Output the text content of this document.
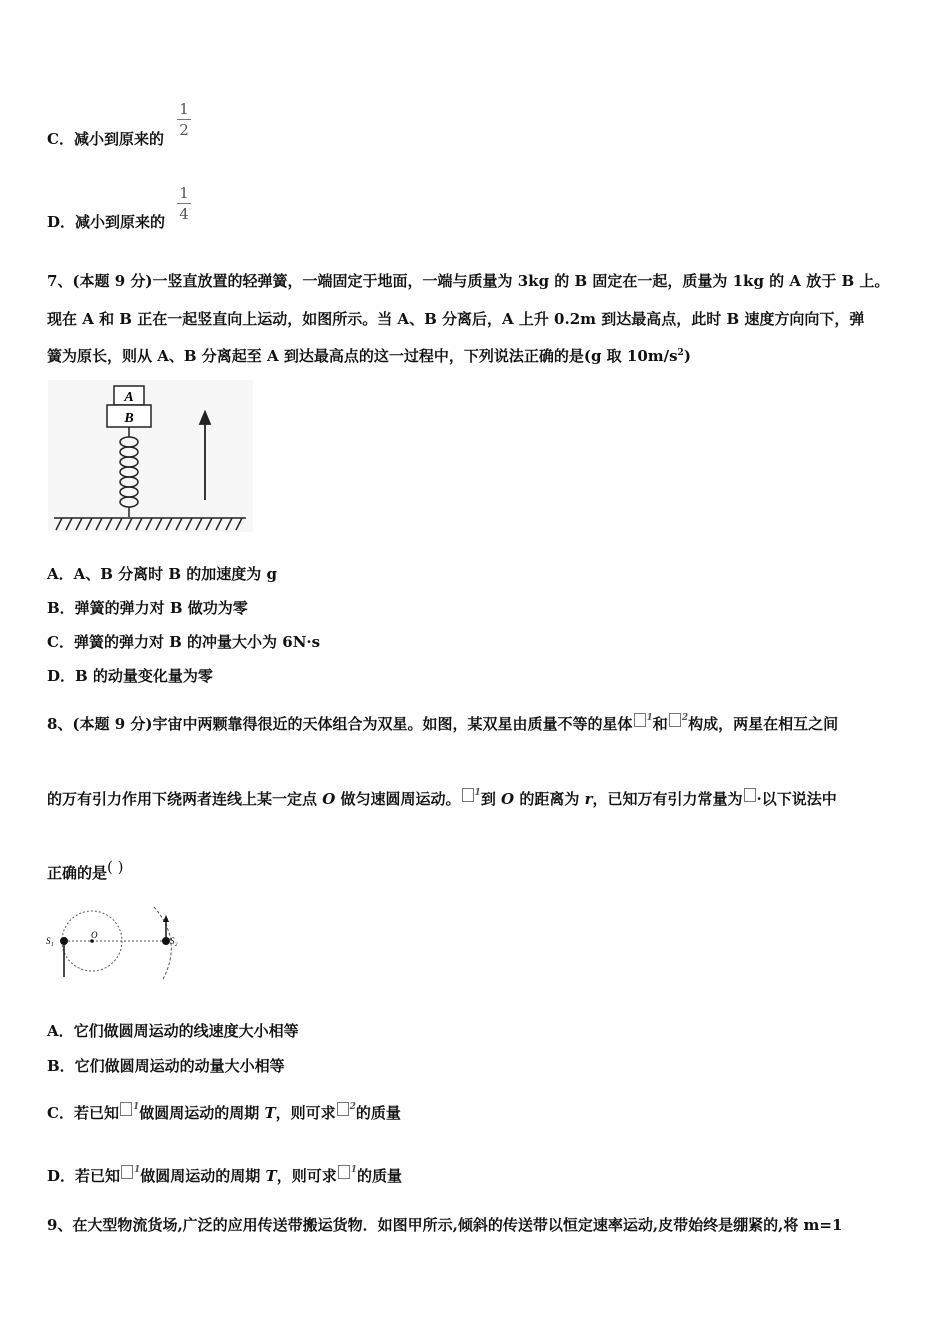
C．减小到原来的
1
2
D．减小到原来的
1
4
7、(本题 9 分)一竖直放置的轻弹簧，一端固定于地面，一端与质量为 3kg 的 B 固定在一起，质量为 1kg 的 A 放于 B 上。
现在 A 和 B 正在一起竖直向上运动，如图所示。当 A、B 分离后，A 上升 0.2m 到达最高点，此时 B 速度方向向下，弹
簧为原长，则从 A、B 分离起至 A 到达最高点的这一过程中，下列说法正确的是(g 取 $10m/s^2$)
A
B
A．A、B 分离时 B 的加速度为 g
B．弹簧的弹力对 B 做功为零
C．弹簧的弹力对 B 的冲量大小为 6N·s
D．B 的动量变化量为零
8、(本题 9 分)宇宙中两颗靠得很近的天体组合为双星。如图，某双星由质量不等的星体 $^1$和 $^2$构成，两星在相互之间
的万有引力作用下绕两者连线上某一定点 O 做匀速圆周运动。 $^1$到 O 的距离为 r，已知万有引力常量为 ·以下说法中
正确的是( )
S₁
O
S₂
A．它们做圆周运动的线速度大小相等
B．它们做圆周运动的动量大小相等
C．若已知 $^1$做圆周运动的周期 T，则可求 $^2$的质量
D．若已知 $^1$做圆周运动的周期 T，则可求 $^1$的质量
9、在大型物流货场,广泛的应用传送带搬运货物．如图甲所示,倾斜的传送带以恒定速率运动,皮带始终是绷紧的,将 m=1
